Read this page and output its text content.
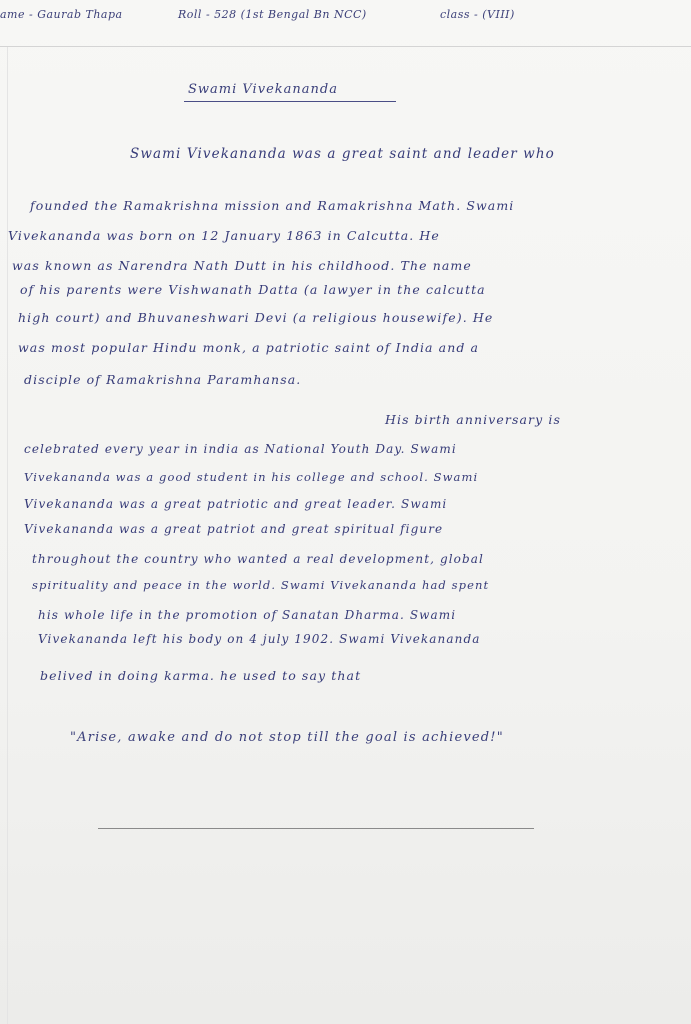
ame - Gaurab Thapa	Roll - 528 (1st Bengal Bn NCC)	class - (VIII)
Swami Vivekananda
Swami Vivekananda was a great saint and leader who
founded the Ramakrishna mission and Ramakrishna Math. Swami
Vivekananda was born on 12 January 1863 in Calcutta. He
was known as Narendra Nath Dutt in his childhood. The name
of his parents were Vishwanath Datta (a lawyer in the calcutta
high court) and Bhuvaneshwari Devi (a religious housewife). He
was most popular Hindu monk, a patriotic saint of India and a
disciple of Ramakrishna Paramhansa.
His birth anniversary is
celebrated every year in india as National Youth Day. Swami
Vivekananda was a good student in his college and school. Swami
Vivekananda was a great patriotic and great leader. Swami
Vivekananda was a great patriot and great spiritual figure
throughout the country who wanted a real development, global
spirituality and peace in the world. Swami Vivekananda had spent
his whole life in the promotion of Sanatan Dharma. Swami
Vivekananda left his body on 4 july 1902. Swami Vivekananda
belived in doing karma. he used to say that
"Arise, awake and do not stop till the goal is achieved!"
